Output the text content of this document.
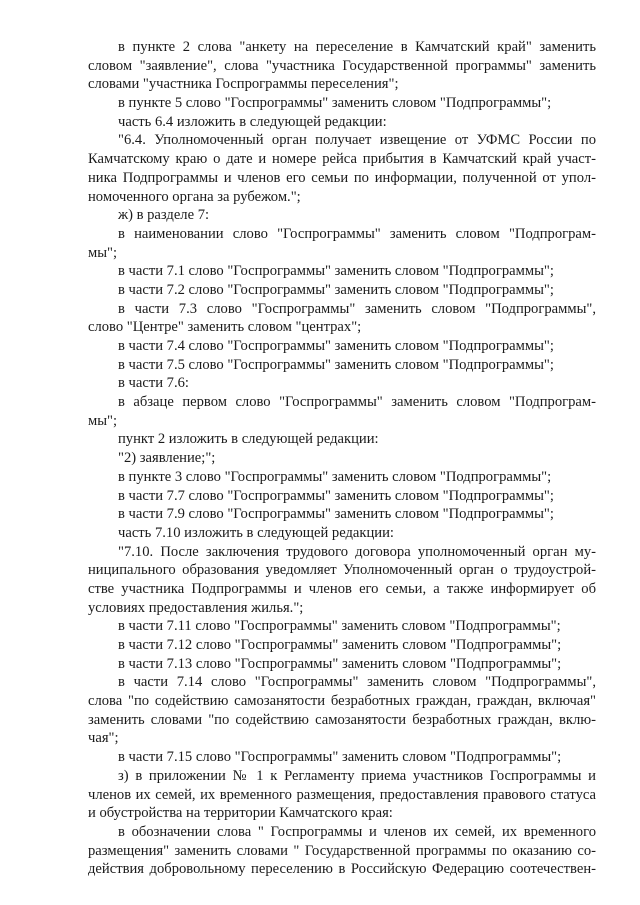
в пункте 2 слова "анкету на переселение в Камчатский край" заменить
словом "заявление", слова "участника Государственной программы" заменить
словами "участника Госпрограммы переселения";
в пункте 5 слово "Госпрограммы" заменить словом "Подпрограммы";
часть 6.4 изложить в следующей редакции:
"6.4. Уполномоченный орган получает извещение от УФМС России по
Камчатскому краю о дате и номере рейса прибытия в Камчатский край участ-
ника Подпрограммы и членов его семьи по информации, полученной от упол-
номоченного органа за рубежом.";
ж) в разделе 7:
в наименовании слово "Госпрограммы" заменить словом "Подпрограм-
мы";
в части 7.1 слово "Госпрограммы" заменить словом "Подпрограммы";
в части 7.2 слово "Госпрограммы" заменить словом "Подпрограммы";
в части 7.3 слово "Госпрограммы" заменить словом "Подпрограммы",
слово "Центре" заменить словом "центрах";
в части 7.4 слово "Госпрограммы" заменить словом "Подпрограммы";
в части 7.5 слово "Госпрограммы" заменить словом "Подпрограммы";
в части 7.6:
в абзаце первом слово "Госпрограммы" заменить словом "Подпрограм-
мы";
пункт 2 изложить в следующей редакции:
"2) заявление;";
в пункте 3 слово "Госпрограммы" заменить словом "Подпрограммы";
в части 7.7 слово "Госпрограммы" заменить словом "Подпрограммы";
в части 7.9 слово "Госпрограммы" заменить словом "Подпрограммы";
часть 7.10 изложить в следующей редакции:
"7.10. После заключения трудового договора уполномоченный орган му-
ниципального образования уведомляет Уполномоченный орган о трудоустрой-
стве участника Подпрограммы и членов его семьи, а также информирует об
условиях предоставления жилья.";
в части 7.11 слово "Госпрограммы" заменить словом "Подпрограммы";
в части 7.12 слово "Госпрограммы" заменить словом "Подпрограммы";
в части 7.13 слово "Госпрограммы" заменить словом "Подпрограммы";
в части 7.14 слово "Госпрограммы" заменить словом "Подпрограммы",
слова "по содействию самозанятости безработных граждан, граждан, включая"
заменить словами "по содействию самозанятости безработных граждан, вклю-
чая";
в части 7.15 слово "Госпрограммы" заменить словом "Подпрограммы";
з) в приложении № 1 к Регламенту приема участников Госпрограммы и
членов их семей, их временного размещения, предоставления правового статуса
и обустройства на территории Камчатского края:
в обозначении слова " Госпрограммы и членов их семей, их временного
размещения" заменить словами " Государственной программы по оказанию со-
действия добровольному переселению в Российскую Федерацию соотечествен-
